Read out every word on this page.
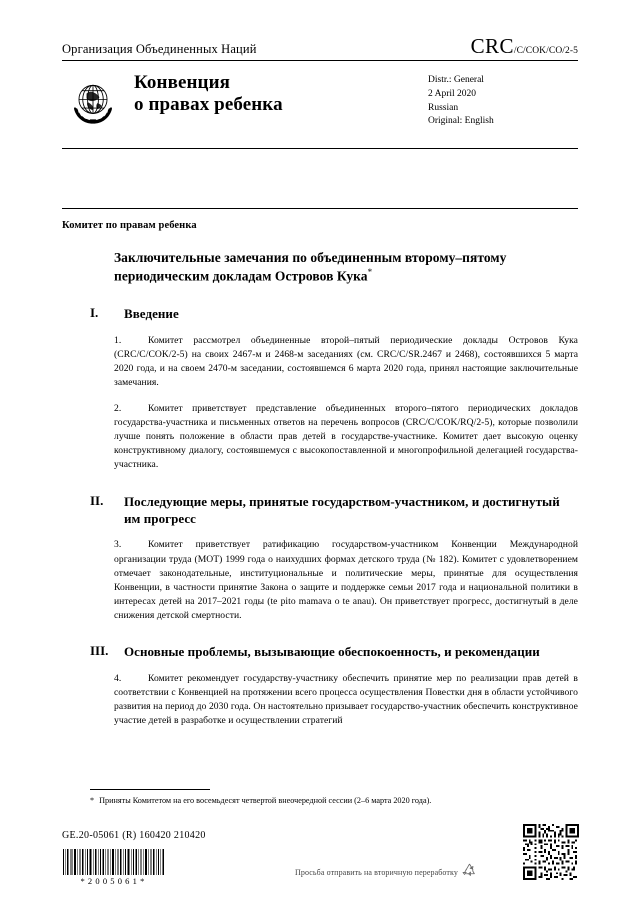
Организация Объединенных Наций	CRC /C/COK/CO/2-5
Конвенция
о правах ребенка
Distr.: General
2 April 2020
Russian
Original: English
Комитет по правам ребенка
Заключительные замечания по объединенным второму–пятому периодическим докладам Островов Кука*
I.	Введение
1.	Комитет рассмотрел объединенные второй–пятый периодические доклады Островов Кука (CRC/C/COK/2-5) на своих 2467-м и 2468-м заседаниях (см. CRC/C/SR.2467 и 2468), состоявшихся 5 марта 2020 года, и на своем 2470-м заседании, состоявшемся 6 марта 2020 года, принял настоящие заключительные замечания.
2.	Комитет приветствует представление объединенных второго–пятого периодических докладов государства-участника и письменных ответов на перечень вопросов (CRC/C/COK/RQ/2-5), которые позволили лучше понять положение в области прав детей в государстве-участнике. Комитет дает высокую оценку конструктивному диалогу, состоявшемуся с высокопоставленной и многопрофильной делегацией государства-участника.
II.	Последующие меры, принятые государством-участником, и достигнутый им прогресс
3.	Комитет приветствует ратификацию государством-участником Конвенции Международной организации труда (МОТ) 1999 года о наихудших формах детского труда (№ 182). Комитет с удовлетворением отмечает законодательные, институциональные и политические меры, принятые для осуществления Конвенции, в частности принятие Закона о защите и поддержке семьи 2017 года и национальной политики в интересах детей на 2017–2021 годы (te pito mamava o te anau). Он приветствует прогресс, достигнутый в деле снижения детской смертности.
III.	Основные проблемы, вызывающие обеспокоенность, и рекомендации
4.	Комитет рекомендует государству-участнику обеспечить принятие мер по реализации прав детей в соответствии с Конвенцией на протяжении всего процесса осуществления Повестки дня в области устойчивого развития на период до 2030 года. Он настоятельно призывает государство-участник обеспечить конструктивное участие детей в разработке и осуществлении стратегий
* Приняты Комитетом на его восемьдесят четвертой внеочередной сессии (2–6 марта 2020 года).
GE.20-05061 (R) 160420 210420
*2005061*
Просьба отправить на вторичную переработку
